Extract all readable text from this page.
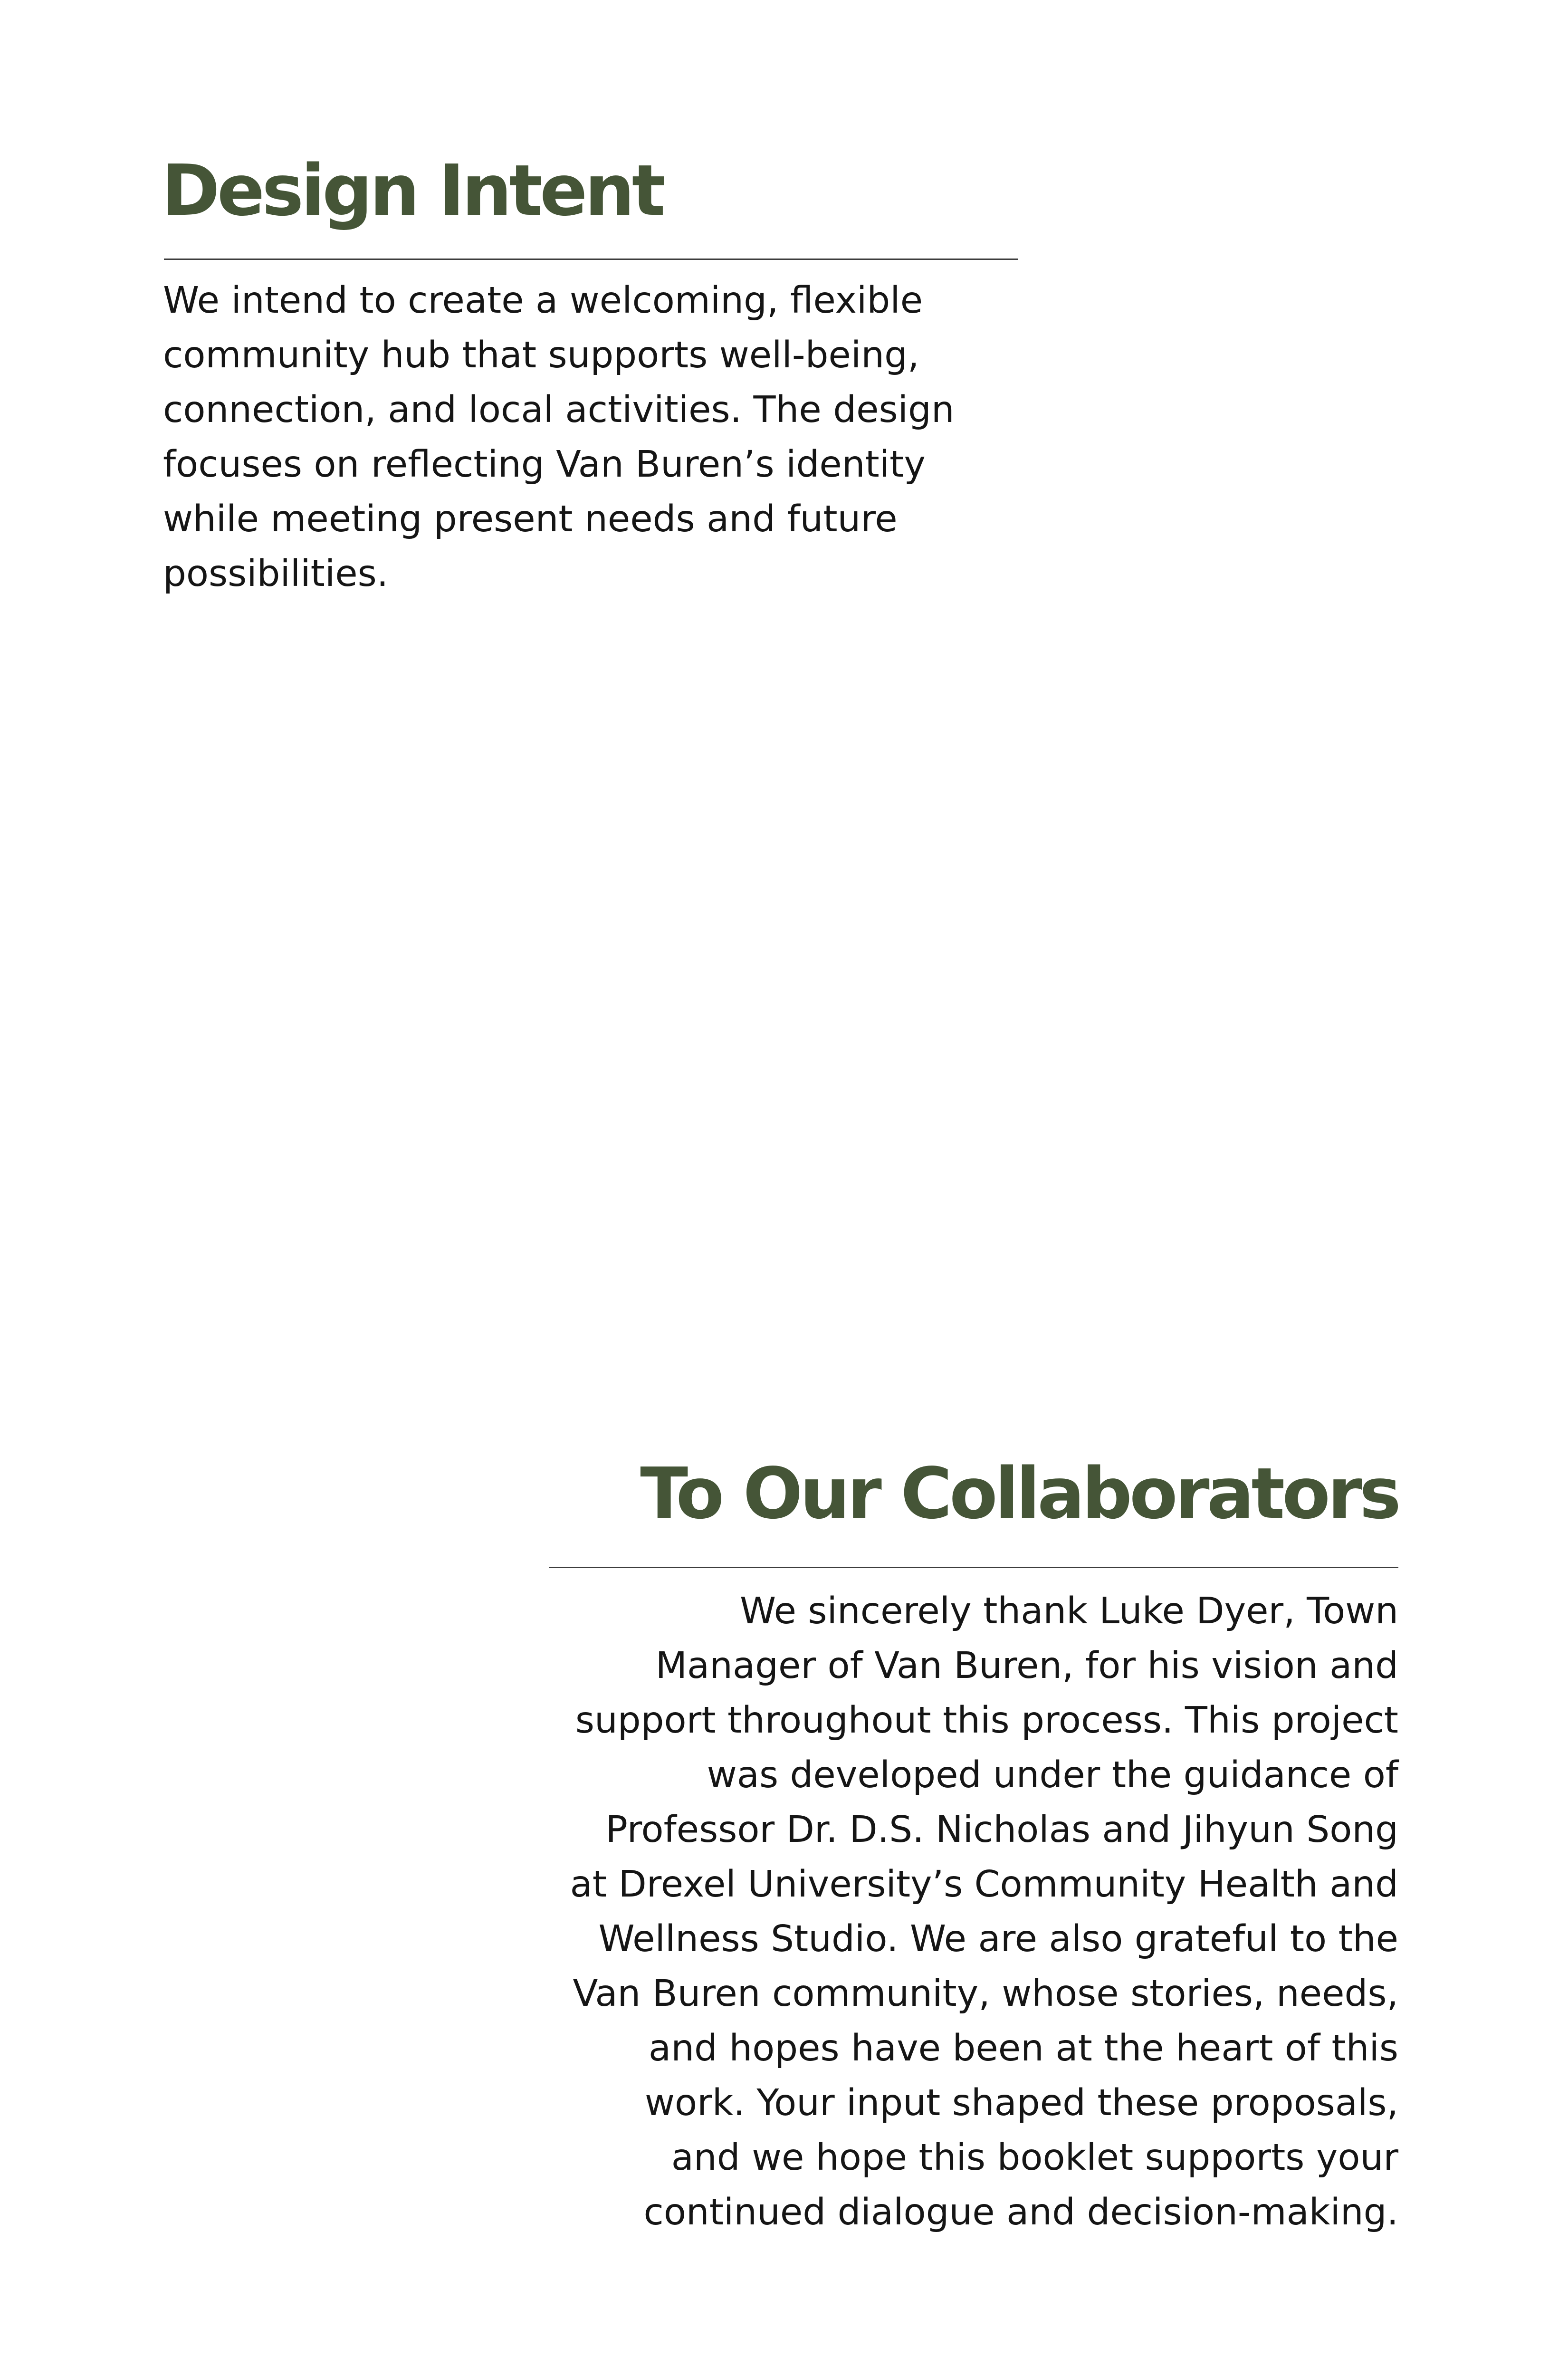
Design Intent

We intend to create a welcoming, flexible
community hub that supports well-being,
connection, and local activities. The design
focuses on reflecting Van Buren’s identity
while meeting present needs and future
possibilities.

To Our Collaborators

We sincerely thank Luke Dyer, Town
Manager of Van Buren, for his vision and
support throughout this process. This project
was developed under the guidance of
Professor Dr. D.S. Nicholas and Jihyun Song
at Drexel University’s Community Health and
Wellness Studio. We are also grateful to the
Van Buren community, whose stories, needs,
and hopes have been at the heart of this
work. Your input shaped these proposals,
and we hope this booklet supports your
continued dialogue and decision-making.
